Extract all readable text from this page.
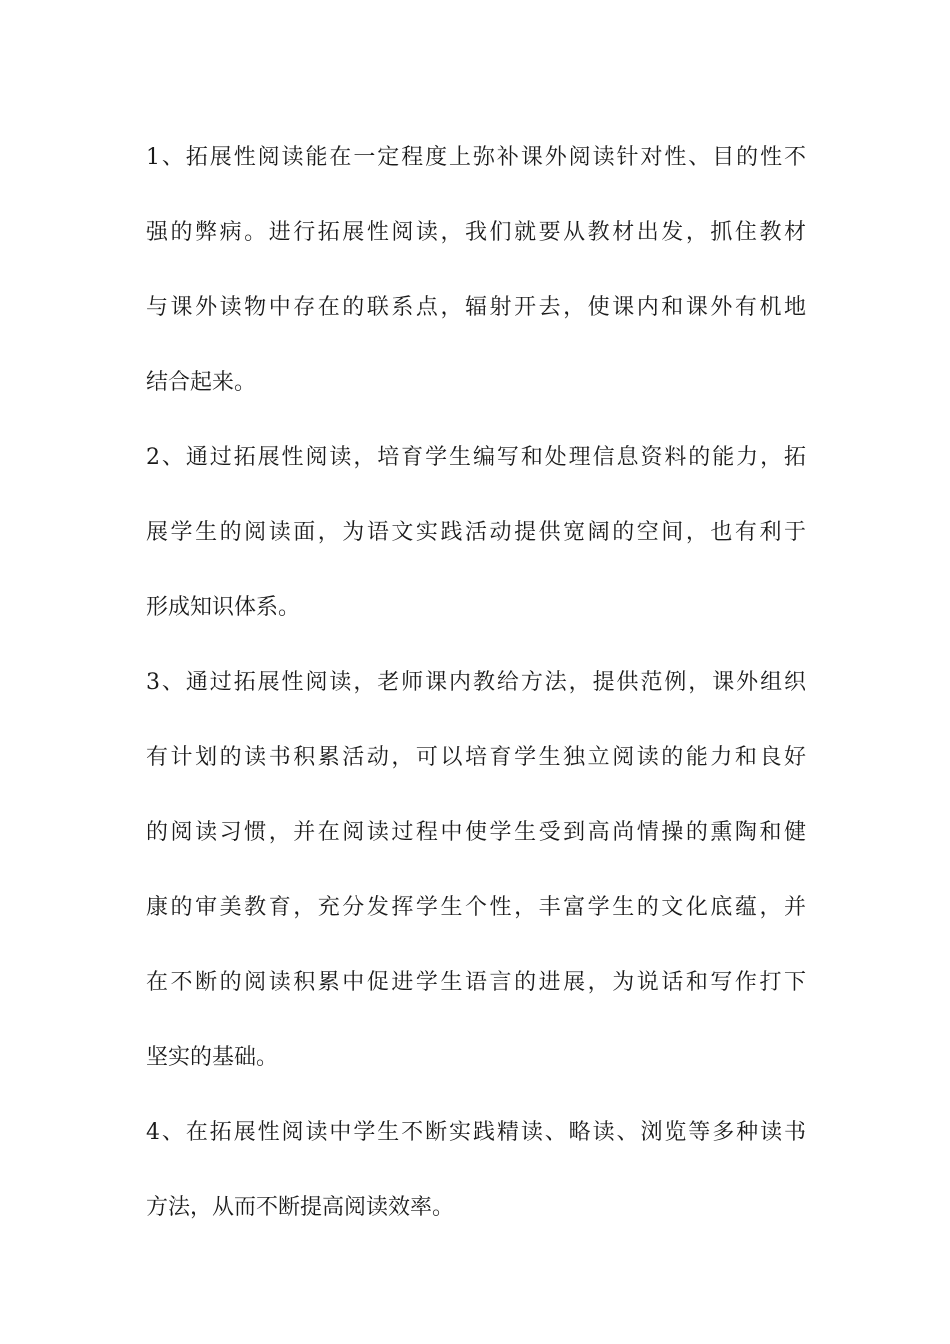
1、拓展性阅读能在一定程度上弥补课外阅读针对性、目的性不
强的弊病。进行拓展性阅读，我们就要从教材出发，抓住教材
与课外读物中存在的联系点，辐射开去，使课内和课外有机地
结合起来。
2、通过拓展性阅读，培育学生编写和处理信息资料的能力，拓
展学生的阅读面，为语文实践活动提供宽阔的空间，也有利于
形成知识体系。
3、通过拓展性阅读，老师课内教给方法，提供范例，课外组织
有计划的读书积累活动，可以培育学生独立阅读的能力和良好
的阅读习惯，并在阅读过程中使学生受到高尚情操的熏陶和健
康的审美教育，充分发挥学生个性，丰富学生的文化底蕴，并
在不断的阅读积累中促进学生语言的进展，为说话和写作打下
坚实的基础。
4、在拓展性阅读中学生不断实践精读、略读、浏览等多种读书
方法，从而不断提高阅读效率。
